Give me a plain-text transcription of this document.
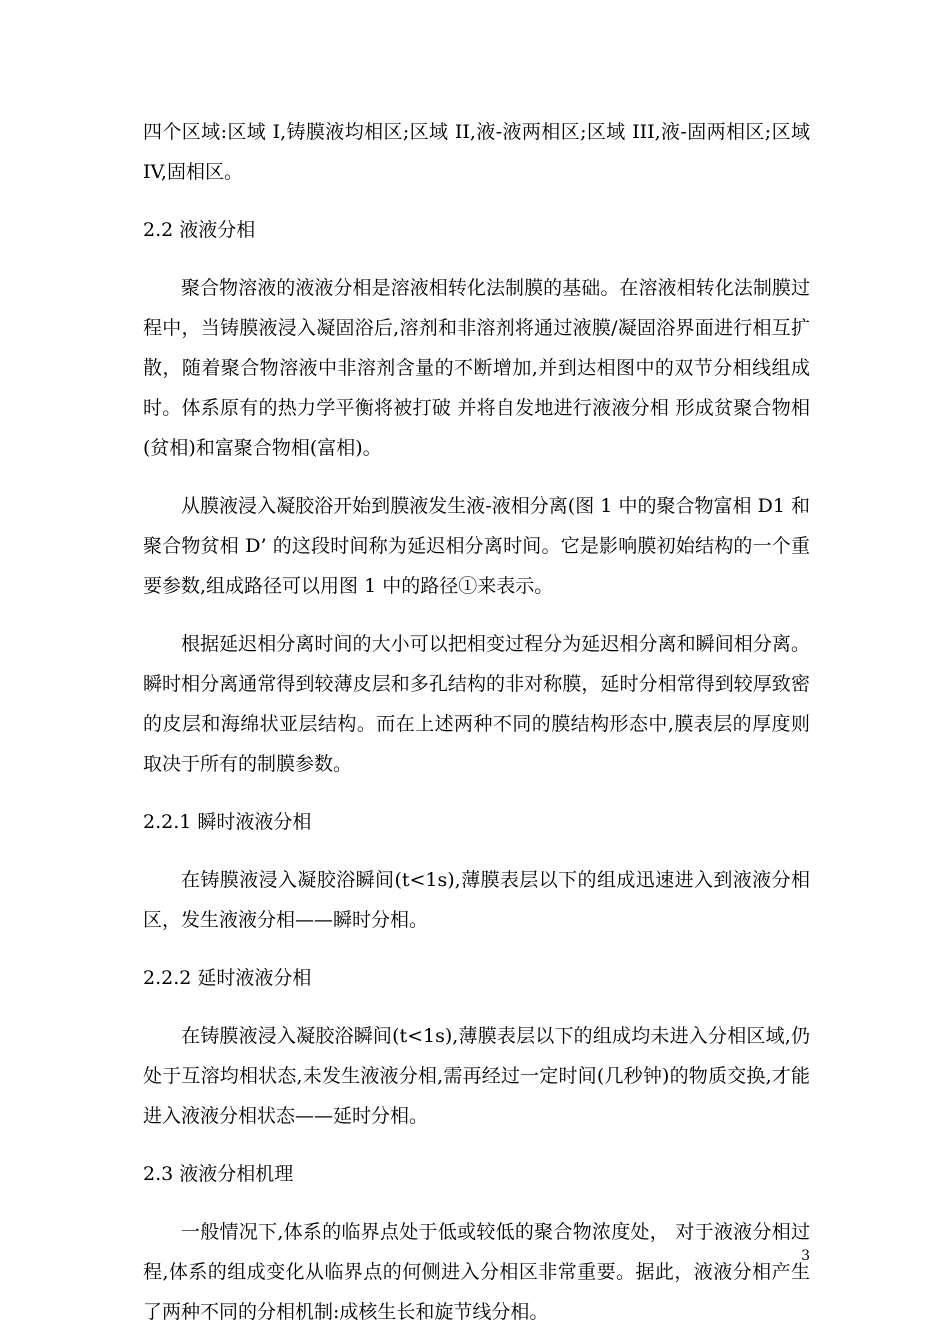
四个区域:区域 I,铸膜液均相区;区域 II,液-液两相区;区域 III,液-固两相区;区域 IV,固相区。

2.2 液液分相

聚合物溶液的液液分相是溶液相转化法制膜的基础。在溶液相转化法制膜过程中，当铸膜液浸入凝固浴后,溶剂和非溶剂将通过液膜/凝固浴界面进行相互扩散，随着聚合物溶液中非溶剂含量的不断增加,并到达相图中的双节分相线组成时。体系原有的热力学平衡将被打破 并将自发地进行液液分相 形成贫聚合物相(贫相)和富聚合物相(富相)。

从膜液浸入凝胶浴开始到膜液发生液-液相分离(图 1 中的聚合物富相 D1 和聚合物贫相 D’ 的这段时间称为延迟相分离时间。它是影响膜初始结构的一个重要参数,组成路径可以用图 1 中的路径①来表示。

根据延迟相分离时间的大小可以把相变过程分为延迟相分离和瞬间相分离。瞬时相分离通常得到较薄皮层和多孔结构的非对称膜，延时分相常得到较厚致密的皮层和海绵状亚层结构。而在上述两种不同的膜结构形态中,膜表层的厚度则取决于所有的制膜参数。

2.2.1 瞬时液液分相

在铸膜液浸入凝胶浴瞬间(t<1s),薄膜表层以下的组成迅速进入到液液分相区，发生液液分相——瞬时分相。

2.2.2 延时液液分相

在铸膜液浸入凝胶浴瞬间(t<1s),薄膜表层以下的组成均未进入分相区域,仍处于互溶均相状态,未发生液液分相,需再经过一定时间(几秒钟)的物质交换,才能进入液液分相状态——延时分相。

2.3 液液分相机理

一般情况下,体系的临界点处于低或较低的聚合物浓度处， 对于液液分相过程,体系的组成变化从临界点的何侧进入分相区非常重要。据此，液液分相产生了两种不同的分相机制:成核生长和旋节线分相。

3
